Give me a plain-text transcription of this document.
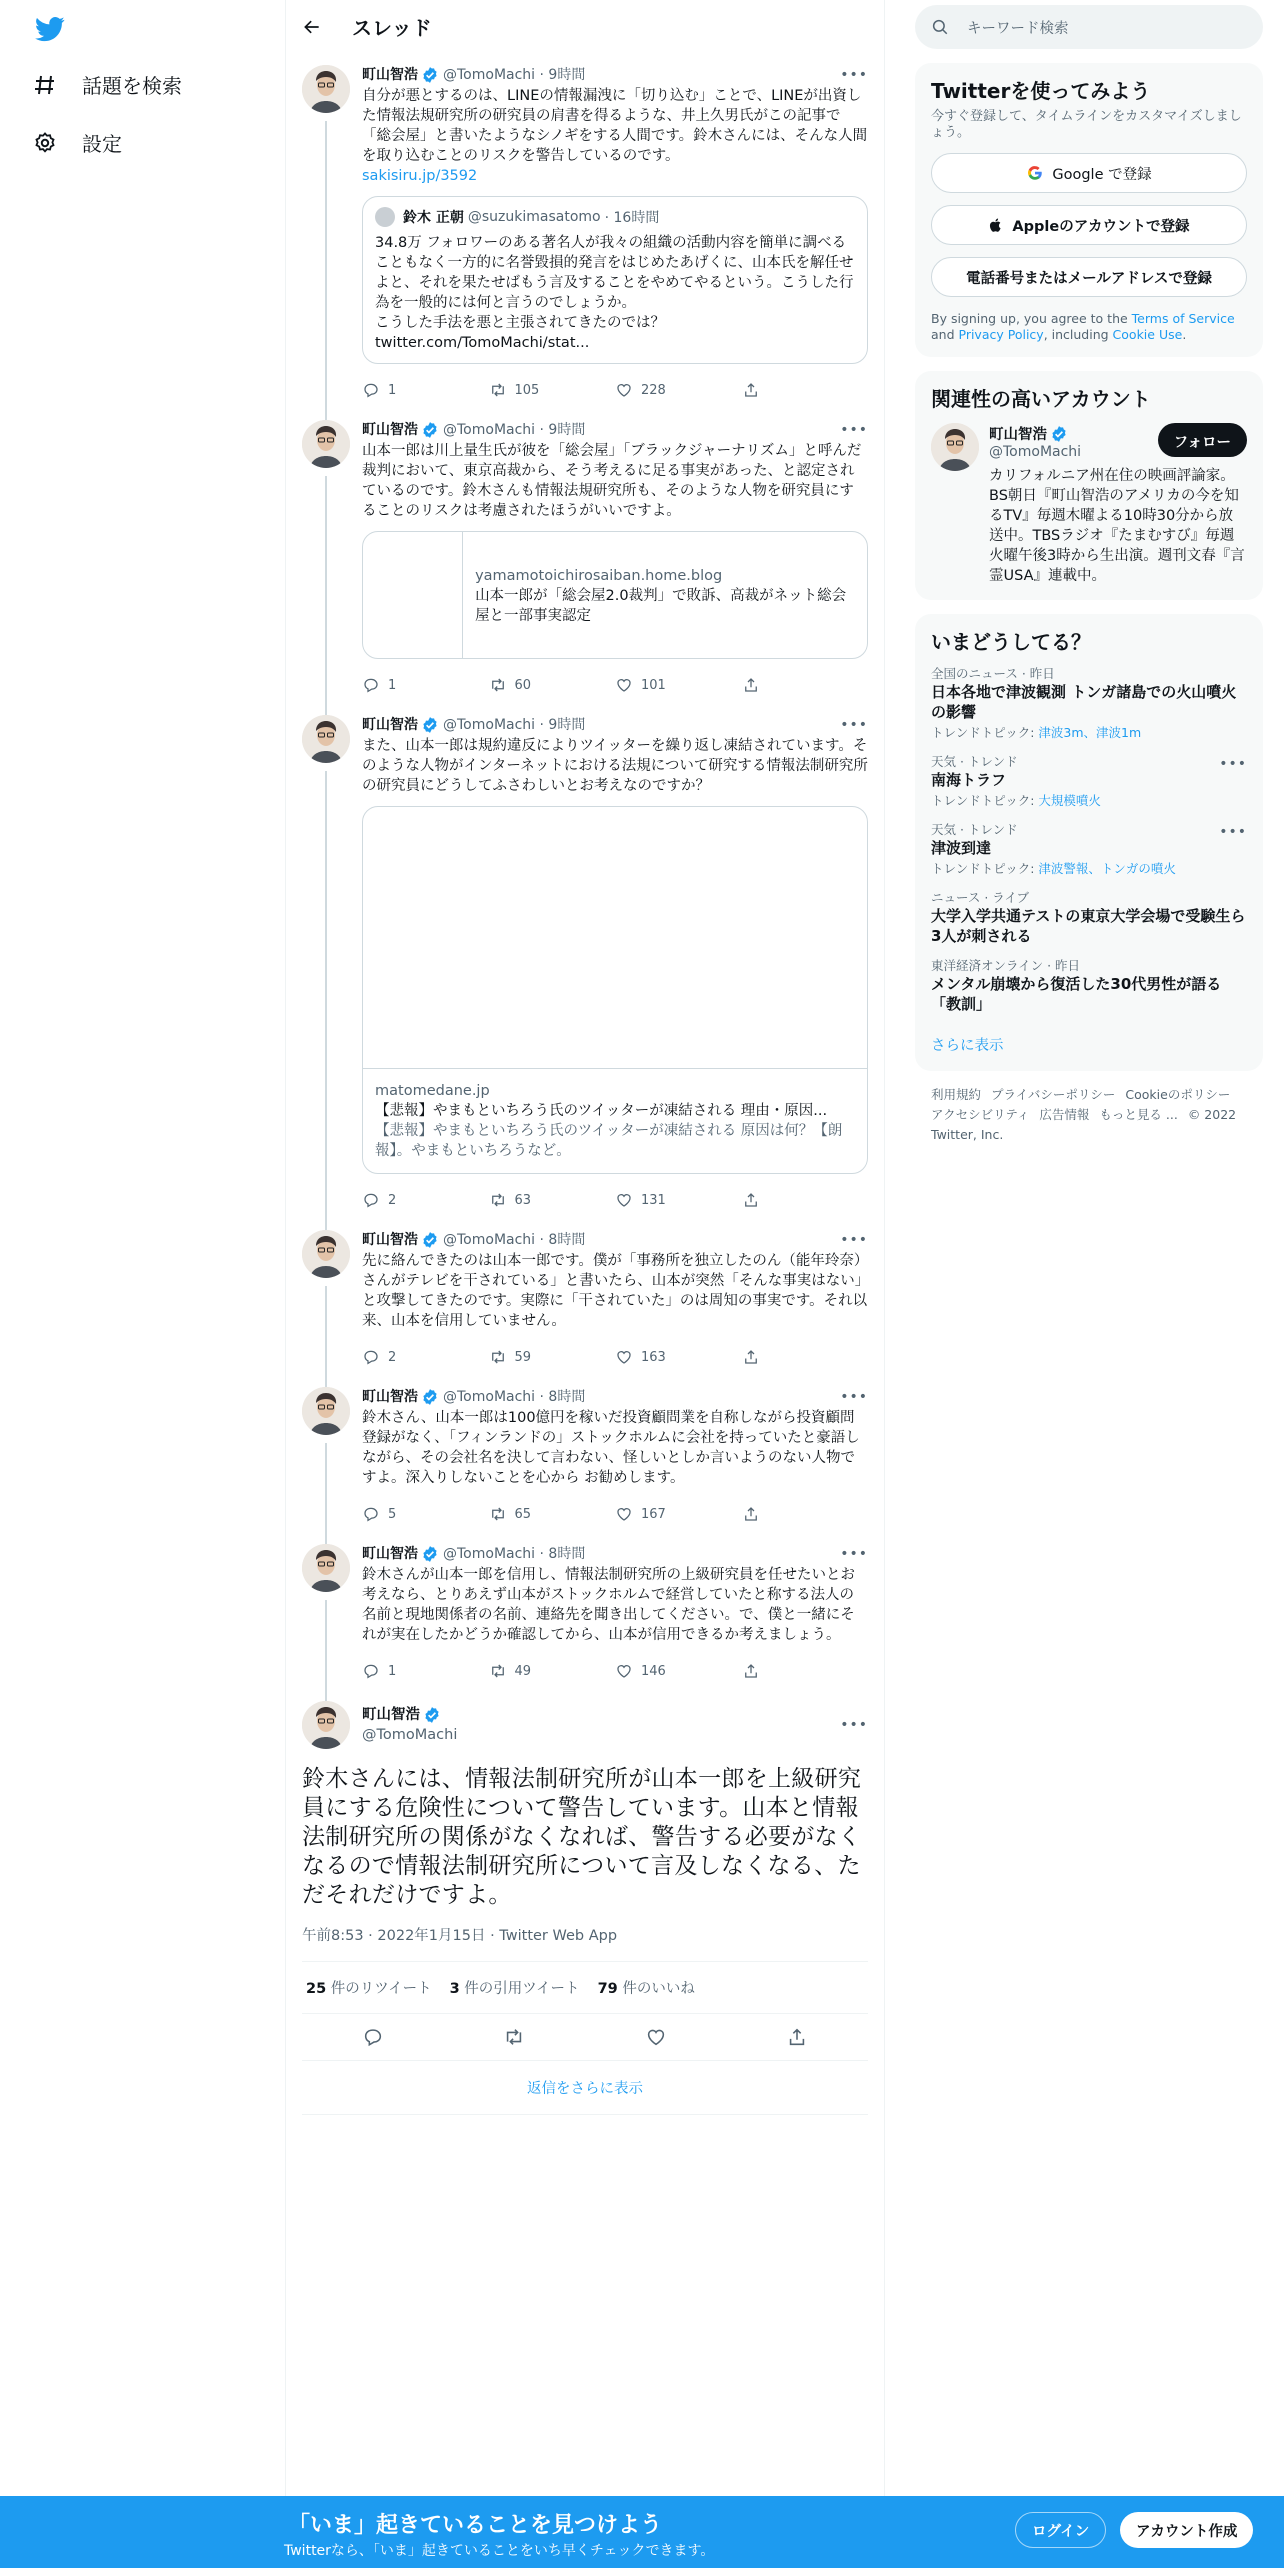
話題を検索
設定
スレッド
町山智浩 @TomoMachi
· 9時間	•••
自分が悪とするのは、LINEの情報漏洩に「切り込む」ことで、LINEが出資した情報法規研究所の研究員の肩書を得るような、井上久男氏がこの記事で「総会屋」と書いたようなシノギをする人間です。鈴木さんには、そんな人間を取り込むことのリスクを警告しているのです。
sakisiru.jp/3592
鈴木 正朝 @suzukimasatomo · 16時間
34.8万 フォロワーのある著名人が我々の組織の活動内容を簡単に調べることもなく一方的に名誉毀損的発言をはじめたあげくに、山本氏を解任せよと、それを果たせばもう言及することをやめてやるという。こうした行為を一般的には何と言うのでしょうか。
こうした手法を悪と主張されてきたのでは？
twitter.com/TomoMachi/stat...
1	105	228
町山智浩 @TomoMachi
· 9時間	•••
山本一郎は川上量生氏が彼を「総会屋」「ブラックジャーナリズム」と呼んだ裁判において、東京高裁から、そう考えるに足る事実があった、と認定されているのです。鈴木さんも情報法規研究所も、そのような人物を研究員にすることのリスクは考慮されたほうがいいですよ。
yamamotoichirosaiban.home.blog
山本一郎が「総会屋2.0裁判」で敗訴、高裁がネット総会屋と一部事実認定
1	60	101
町山智浩 @TomoMachi
· 9時間	•••
また、山本一郎は規約違反によりツイッターを繰り返し凍結されています。そのような人物がインターネットにおける法規について研究する情報法制研究所の研究員にどうしてふさわしいとお考えなのですか？
matomedane.jp
【悲報】やまもといちろう氏のツイッターが凍結される 理由・原因...
【悲報】やまもといちろう氏のツイッターが凍結される 原因は何？【朗報】。やまもといちろうなど。
2	63	131
町山智浩 @TomoMachi
· 8時間	•••
先に絡んできたのは山本一郎です。僕が「事務所を独立したのん（能年玲奈）さんがテレビを干されている」と書いたら、山本が突然「そんな事実はない」と攻撃してきたのです。実際に「干されていた」のは周知の事実です。それ以来、山本を信用していません。
2	59	163
町山智浩 @TomoMachi
· 8時間	•••
鈴木さん、山本一郎は100億円を稼いだ投資顧問業を自称しながら投資顧問登録がなく、「フィンランドの」ストックホルムに会社を持っていたと豪語しながら、その会社名を決して言わない、怪しいとしか言いようのない人物ですよ。深入りしないことを心から お勧めします。
5	65	167
町山智浩 @TomoMachi
· 8時間	•••
鈴木さんが山本一郎を信用し、情報法制研究所の上級研究員を任せたいとお考えなら、とりあえず山本がストックホルムで経営していたと称する法人の名前と現地関係者の名前、連絡先を聞き出してください。で、僕と一緒にそれが実在したかどうか確認してから、山本が信用できるか考えましょう。
1	49	146
町山智浩
@TomoMachi
•••
鈴木さんには、情報法制研究所が山本一郎を上級研究員にする危険性について警告しています。山本と情報法制研究所の関係がなくなれば、警告する必要がなくなるので情報法制研究所について言及しなくなる、ただそれだけですよ。
午前8:53 · 2022年1月15日 · Twitter Web App
25 件のリツイート 3 件の引用ツイート 79 件のいいね
返信をさらに表示
キーワード検索
Twitterを使ってみよう
今すぐ登録して、タイムラインをカスタマイズしましょう。
Google で登録
Appleのアカウントで登録
電話番号またはメールアドレスで登録
By signing up, you agree to the Terms of Service and Privacy Policy, including Cookie Use.
関連性の高いアカウント
町山智浩
@TomoMachi
フォロー
カリフォルニア州在住の映画評論家。BS朝日『町山智浩のアメリカの今を知るTV』毎週木曜よる10時30分から放送中。TBSラジオ『たまむすび』毎週火曜午後3時から生出演。週刊文春『言霊USA』連載中。
いまどうしてる？
全国のニュース · 昨日
日本各地で津波観測 トンガ諸島での火山噴火の影響
トレンドトピック: 津波3m、津波1m
天気 · トレンド
南海トラフ
トレンドトピック: 大規模噴火
•••
天気 · トレンド
津波到達
トレンドトピック: 津波警報、トンガの噴火
•••
ニュース · ライブ
大学入学共通テストの東京大学会場で受験生ら3人が刺される
東洋経済オンライン · 昨日
メンタル崩壊から復活した30代男性が語る「教訓」
さらに表示
利用規約 プライバシーポリシー Cookieのポリシーアクセシビリティ 広告情報 もっと見る ... © 2022 Twitter, Inc.
「いま」起きていることを見つけよう
Twitterなら、「いま」起きていることをいち早くチェックできます。
ログイン	アカウント作成
